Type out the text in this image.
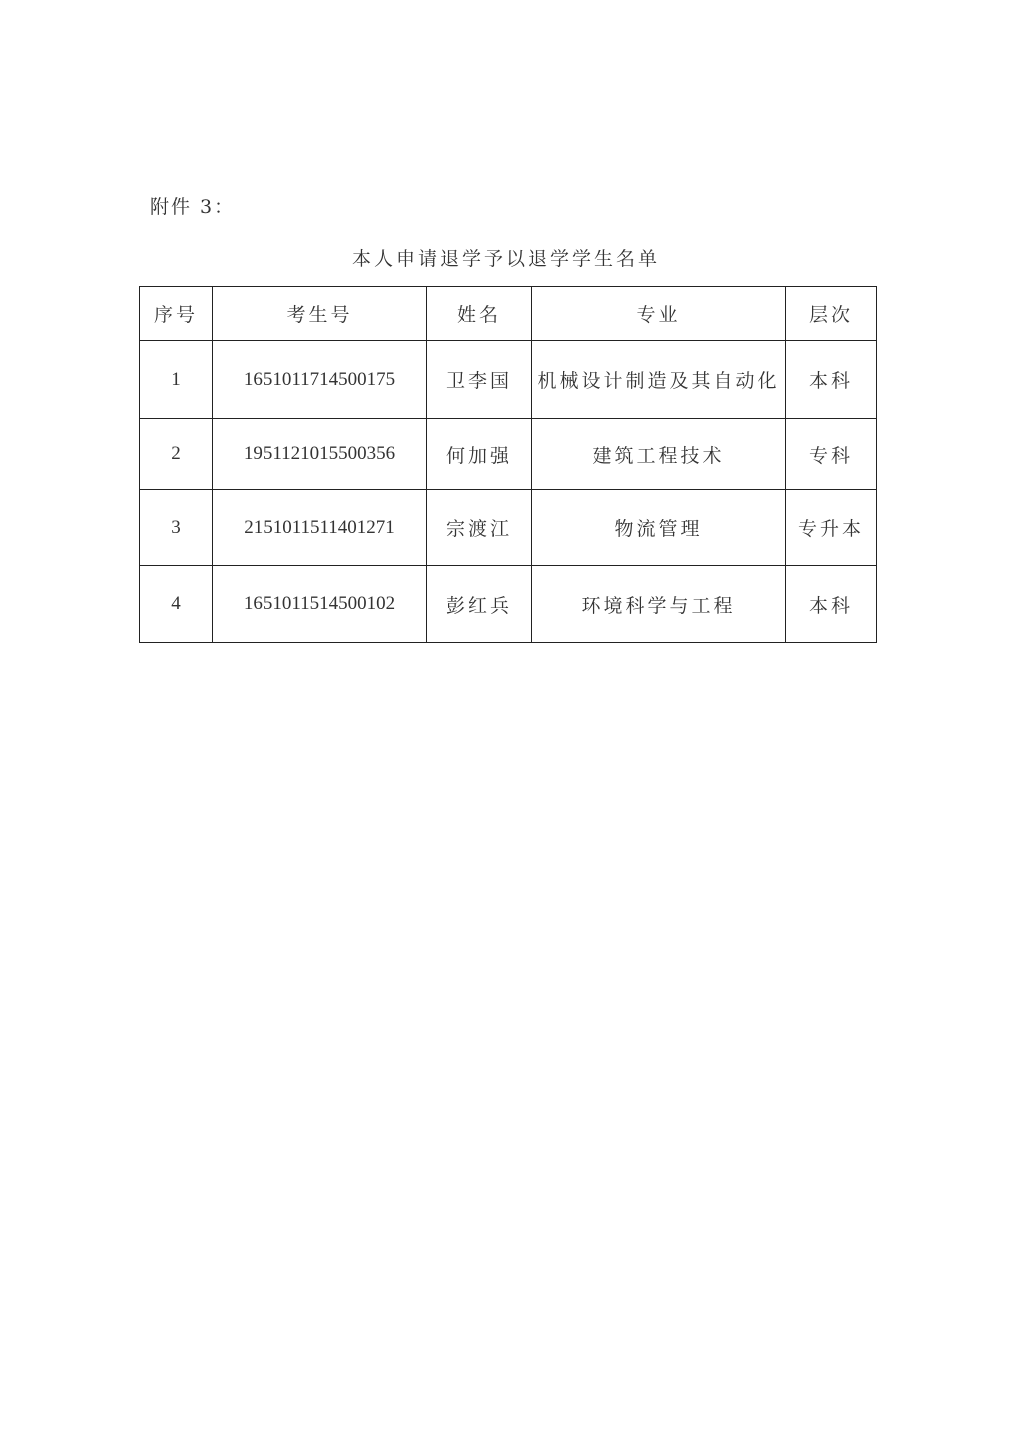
附件 3：
本人申请退学予以退学学生名单
序号	考生号	姓名	专业	层次
1	1651011714500175	卫李国	机械设计制造及其自动化	本科
2	1951121015500356	何加强	建筑工程技术	专科
3	2151011511401271	宗渡江	物流管理	专升本
4	1651011514500102	彭红兵	环境科学与工程	本科
